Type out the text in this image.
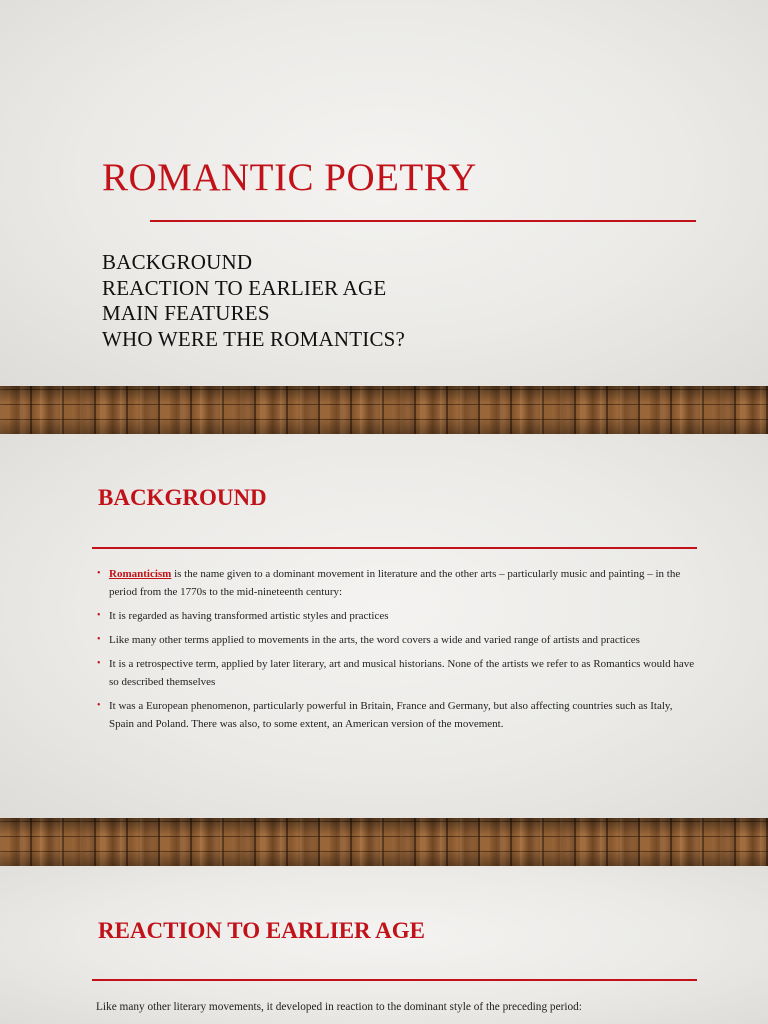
ROMANTIC POETRY
BACKGROUND
REACTION TO EARLIER AGE
MAIN FEATURES
WHO WERE THE ROMANTICS?
BACKGROUND
• Romanticism is the name given to a dominant movement in literature and the other arts – particularly music and painting – in the period from the 1770s to the mid-nineteenth century:
• It is regarded as having transformed artistic styles and practices
• Like many other terms applied to movements in the arts, the word covers a wide and varied range of artists and practices
• It is a retrospective term, applied by later literary, art and musical historians. None of the artists we refer to as Romantics would have so described themselves
• It was a European phenomenon, particularly powerful in Britain, France and Germany, but also affecting countries such as Italy, Spain and Poland. There was also, to some extent, an American version of the movement.
REACTION TO EARLIER AGE

Like many other literary movements, it developed in reaction to the dominant style of the preceding period:
